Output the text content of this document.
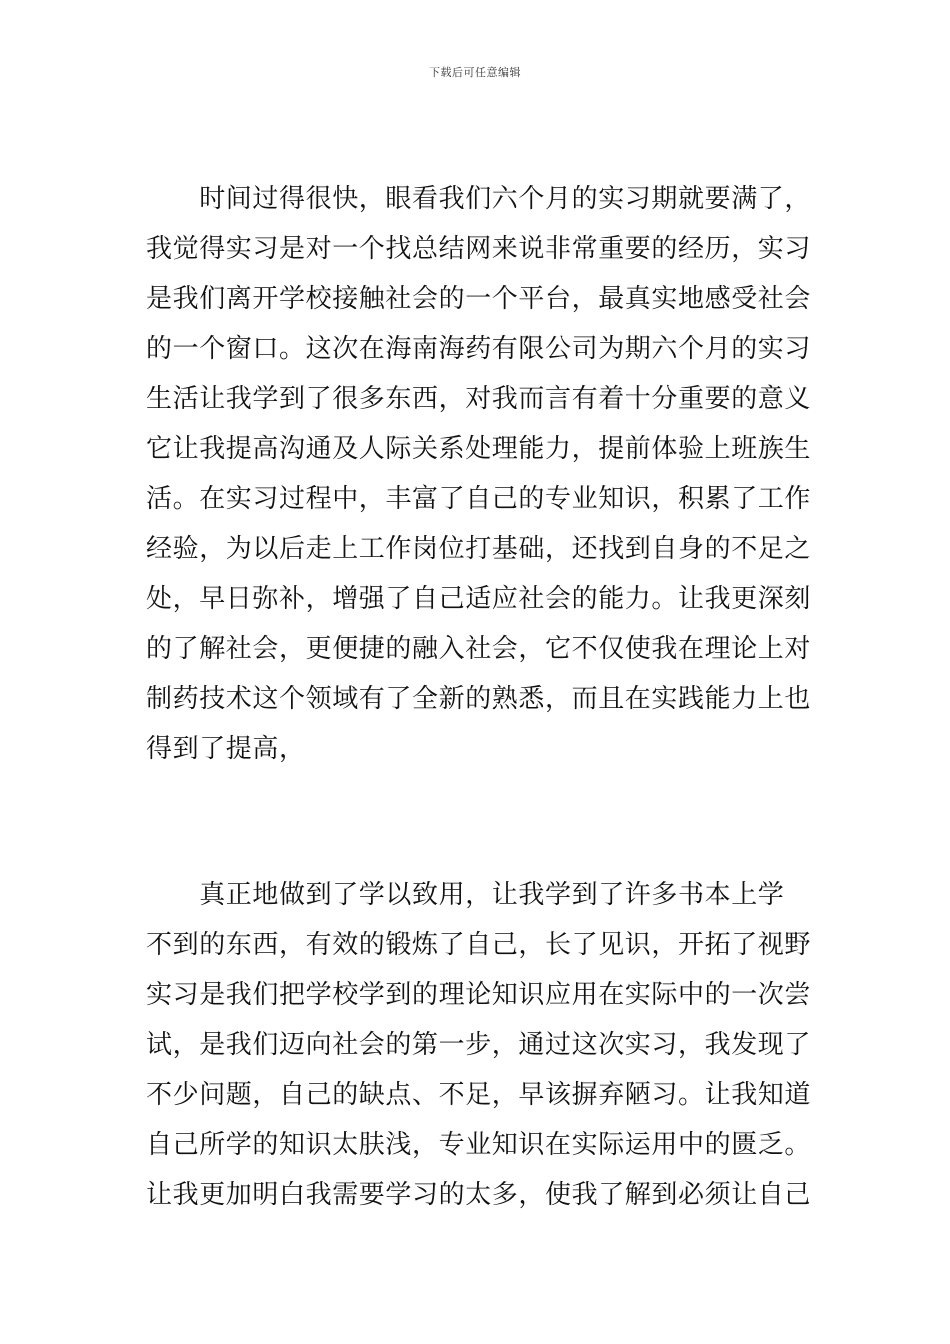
下载后可任意编辑
　　时间过得很快，眼看我们六个月的实习期就要满了，
我觉得实习是对一个找总结网来说非常重要的经历，实习
是我们离开学校接触社会的一个平台，最真实地感受社会
的一个窗口。这次在海南海药有限公司为期六个月的实习
生活让我学到了很多东西，对我而言有着十分重要的意义
它让我提高沟通及人际关系处理能力，提前体验上班族生
活。在实习过程中，丰富了自己的专业知识，积累了工作
经验，为以后走上工作岗位打基础，还找到自身的不足之
处，早日弥补，增强了自己适应社会的能力。让我更深刻
的了解社会，更便捷的融入社会，它不仅使我在理论上对
制药技术这个领域有了全新的熟悉，而且在实践能力上也
得到了提高，
　　真正地做到了学以致用，让我学到了许多书本上学
不到的东西，有效的锻炼了自己，长了见识，开拓了视野
实习是我们把学校学到的理论知识应用在实际中的一次尝
试，是我们迈向社会的第一步，通过这次实习，我发现了
不少问题，自己的缺点、不足，早该摒弃陋习。让我知道
自己所学的知识太肤浅，专业知识在实际运用中的匮乏。
让我更加明白我需要学习的太多，使我了解到必须让自己
